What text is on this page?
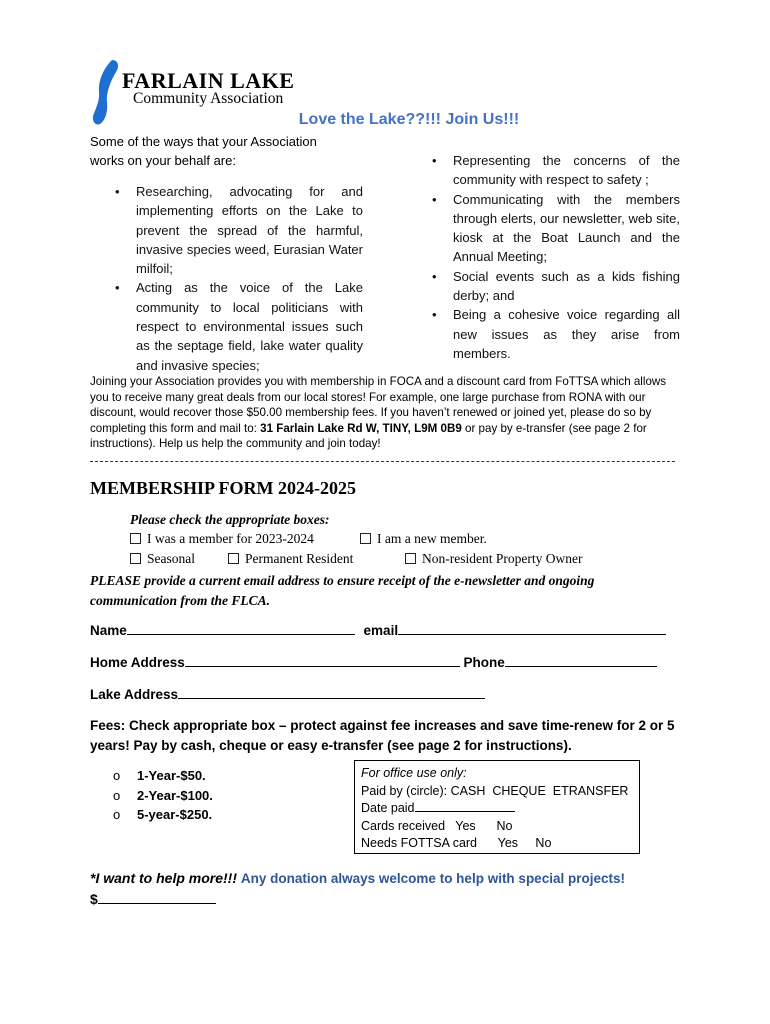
FARLAIN LAKE
Community Association
Love the Lake??!!! Join Us!!!
Some of the ways that your Association works on your behalf are:
• Researching, advocating for and implementing efforts on the Lake to prevent the spread of the harmful, invasive species weed, Eurasian Water milfoil;
• Acting as the voice of the Lake community to local politicians with respect to environmental issues such as the septage field, lake water quality and invasive species;
• Representing the concerns of the community with respect to safety ;
• Communicating with the members through elerts, our newsletter, web site, kiosk at the Boat Launch and the Annual Meeting;
• Social events such as a kids fishing derby; and
• Being a cohesive voice regarding all new issues as they arise from members.
Joining your Association provides you with membership in FOCA and a discount card from FoTTSA which allows you to receive many great deals from our local stores! For example, one large purchase from RONA with our discount, would recover those $50.00 membership fees. If you haven’t renewed or joined yet, please do so by completing this form and mail to: 31 Farlain Lake Rd W, TINY, L9M 0B9 or pay by e-transfer (see page 2 for instructions). Help us help the community and join today!
MEMBERSHIP FORM 2024-2025
Please check the appropriate boxes:
I was a member for 2023-2024	I am a new member.
Seasonal	Permanent Resident	Non-resident Property Owner
PLEASE provide a current email address to ensure receipt of the e-newsletter and ongoing communication from the FLCA.
Name	email
Home Address	Phone
Lake Address
Fees: Check appropriate box – protect against fee increases and save time-renew for 2 or 5 years! Pay by cash, cheque or easy e-transfer (see page 2 for instructions).
o 1-Year-$50.
o 2-Year-$100.
o 5-year-$250.
For office use only:
Paid by (circle): CASH CHEQUE ETRANSFER
Date paid
Cards received Yes No
Needs FOTTSA card Yes No
*I want to help more!!! Any donation always welcome to help with special projects!
$
